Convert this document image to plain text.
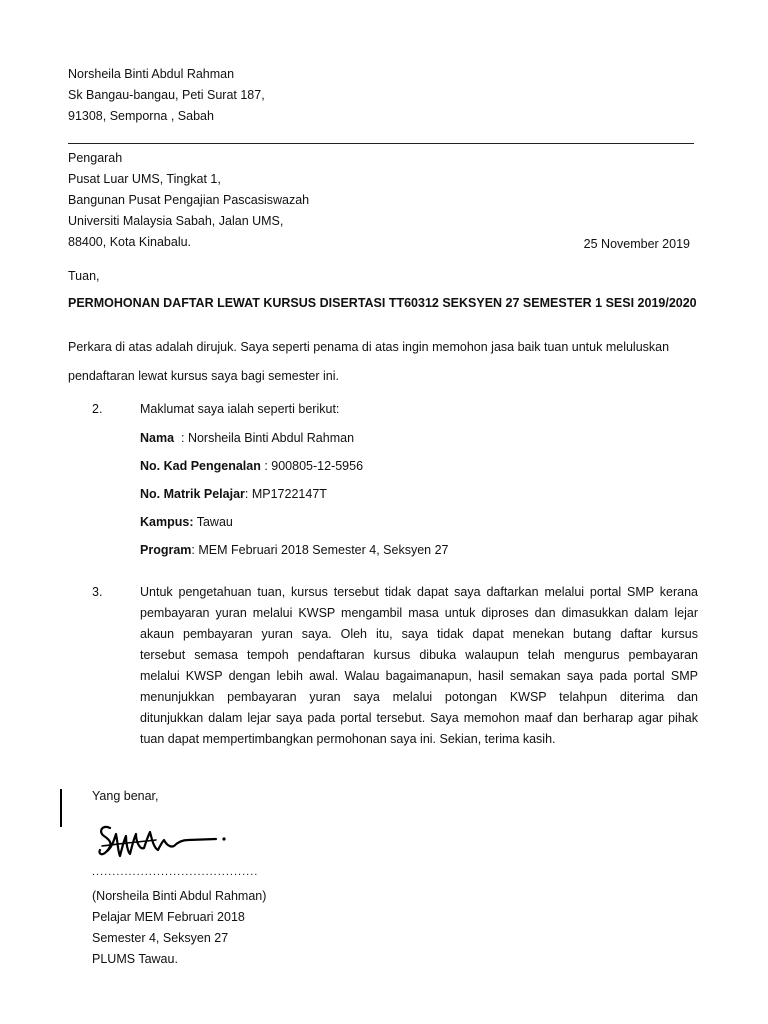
Norsheila Binti Abdul Rahman
Sk Bangau-bangau, Peti Surat 187,
91308, Semporna , Sabah
Pengarah
Pusat Luar UMS, Tingkat 1,
Bangunan Pusat Pengajian Pascasiswazah
Universiti Malaysia Sabah, Jalan UMS,
88400, Kota Kinabalu.	25 November 2019
Tuan,
PERMOHONAN DAFTAR LEWAT KURSUS DISERTASI TT60312 SEKSYEN 27 SEMESTER 1 SESI 2019/2020
Perkara di atas adalah dirujuk. Saya seperti penama di atas ingin memohon jasa baik tuan untuk meluluskan
pendaftaran lewat kursus saya bagi semester ini.
2.	Maklumat saya ialah seperti berikut:
Nama  : Norsheila Binti Abdul Rahman
No. Kad Pengenalan : 900805-12-5956
No. Matrik Pelajar: MP1722147T
Kampus: Tawau
Program: MEM Februari 2018 Semester 4, Seksyen 27
3.	Untuk pengetahuan tuan, kursus tersebut tidak dapat saya daftarkan melalui portal SMP kerana
pembayaran yuran melalui KWSP mengambil masa untuk diproses dan dimasukkan dalam lejar
akaun pembayaran yuran saya. Oleh itu, saya tidak dapat menekan butang daftar kursus
tersebut semasa tempoh pendaftaran kursus dibuka walaupun telah mengurus pembayaran
melalui KWSP dengan lebih awal. Walau bagaimanapun, hasil semakan saya pada portal SMP
menunjukkan pembayaran yuran saya melalui potongan KWSP telahpun diterima dan
ditunjukkan dalam lejar saya pada portal tersebut. Saya memohon maaf dan berharap agar pihak
tuan dapat mempertimbangkan permohonan saya ini. Sekian, terima kasih.
Yang benar,
.........................................
(Norsheila Binti Abdul Rahman)
Pelajar MEM Februari 2018
Semester 4, Seksyen 27
PLUMS Tawau.
